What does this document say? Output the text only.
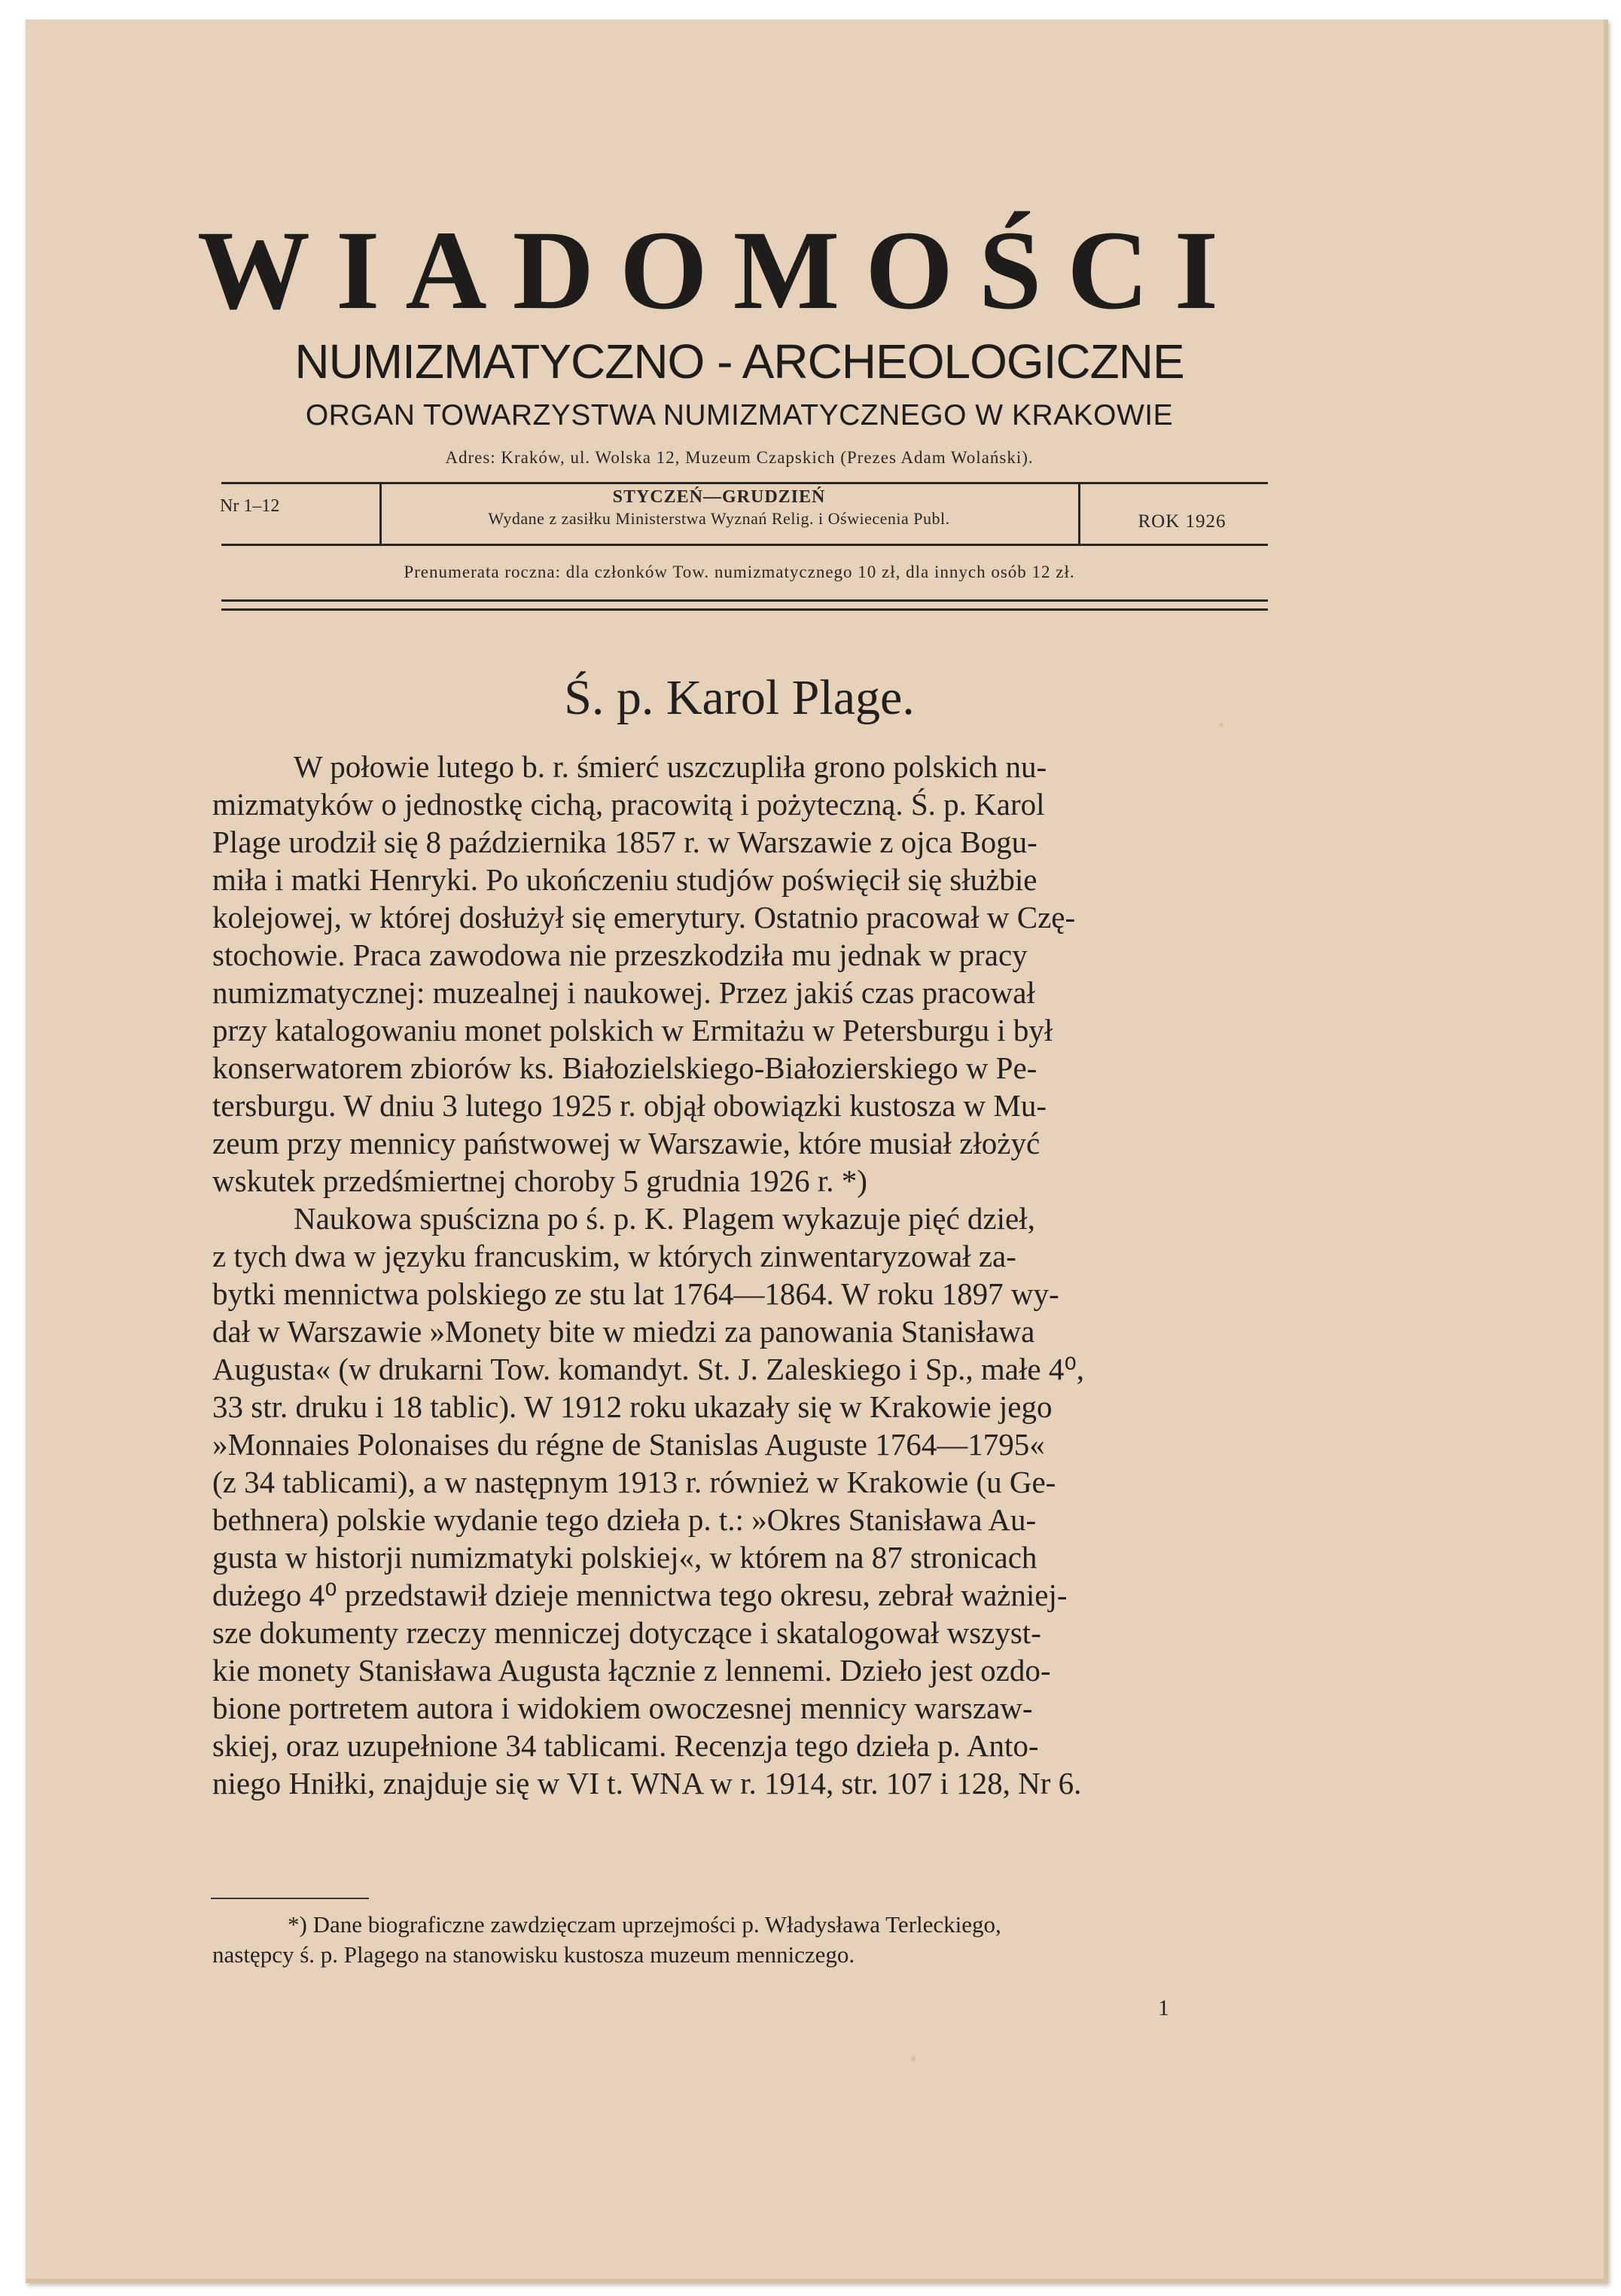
WIADOMOŚCI
NUMIZMATYCZNO - ARCHEOLOGICZNE
ORGAN TOWARZYSTWA NUMIZMATYCZNEGO W KRAKOWIE
Adres: Kraków, ul. Wolska 12, Muzeum Czapskich (Prezes Adam Wolański).
Nr 1–12	STYCZEŃ—GRUDZIEŃ
Wydane z zasiłku Ministerstwa Wyznań Relig. i Oświecenia Publ.	ROK 1926
Prenumerata roczna: dla członków Tow. numizmatycznego 10 zł, dla innych osób 12 zł.
Ś. p. Karol Plage.
W połowie lutego b. r. śmierć uszczupliła grono polskich nu-
mizmatyków o jednostkę cichą, pracowitą i pożyteczną. Ś. p. Karol
Plage urodził się 8 października 1857 r. w Warszawie z ojca Bogu-
miła i matki Henryki. Po ukończeniu studjów poświęcił się służbie
kolejowej, w której dosłużył się emerytury. Ostatnio pracował w Czę-
stochowie. Praca zawodowa nie przeszkodziła mu jednak w pracy
numizmatycznej: muzealnej i naukowej. Przez jakiś czas pracował
przy katalogowaniu monet polskich w Ermitażu w Petersburgu i był
konserwatorem zbiorów ks. Białozielskiego-Białozierskiego w Pe-
tersburgu. W dniu 3 lutego 1925 r. objął obowiązki kustosza w Mu-
zeum przy mennicy państwowej w Warszawie, które musiał złożyć
wskutek przedśmiertnej choroby 5 grudnia 1926 r. *)
Naukowa spuścizna po ś. p. K. Plagem wykazuje pięć dzieł,
z tych dwa w języku francuskim, w których zinwentaryzował za-
bytki mennictwa polskiego ze stu lat 1764—1864. W roku 1897 wy-
dał w Warszawie »Monety bite w miedzi za panowania Stanisława
Augusta« (w drukarni Tow. komandyt. St. J. Zaleskiego i Sp., małe 4⁰,
33 str. druku i 18 tablic). W 1912 roku ukazały się w Krakowie jego
»Monnaies Polonaises du régne de Stanislas Auguste 1764—1795«
(z 34 tablicami), a w następnym 1913 r. również w Krakowie (u Ge-
bethnera) polskie wydanie tego dzieła p. t.: »Okres Stanisława Au-
gusta w historji numizmatyki polskiej«, w którem na 87 stronicach
dużego 4⁰ przedstawił dzieje mennictwa tego okresu, zebrał ważniej-
sze dokumenty rzeczy menniczej dotyczące i skatalogował wszyst-
kie monety Stanisława Augusta łącznie z lennemi. Dzieło jest ozdo-
bione portretem autora i widokiem owoczesnej mennicy warszaw-
skiej, oraz uzupełnione 34 tablicami. Recenzja tego dzieła p. Anto-
niego Hniłki, znajduje się w VI t. WNA w r. 1914, str. 107 i 128, Nr 6.
*) Dane biograficzne zawdzięczam uprzejmości p. Władysława Terleckiego,
następcy ś. p. Plagego na stanowisku kustosza muzeum menniczego.
1
